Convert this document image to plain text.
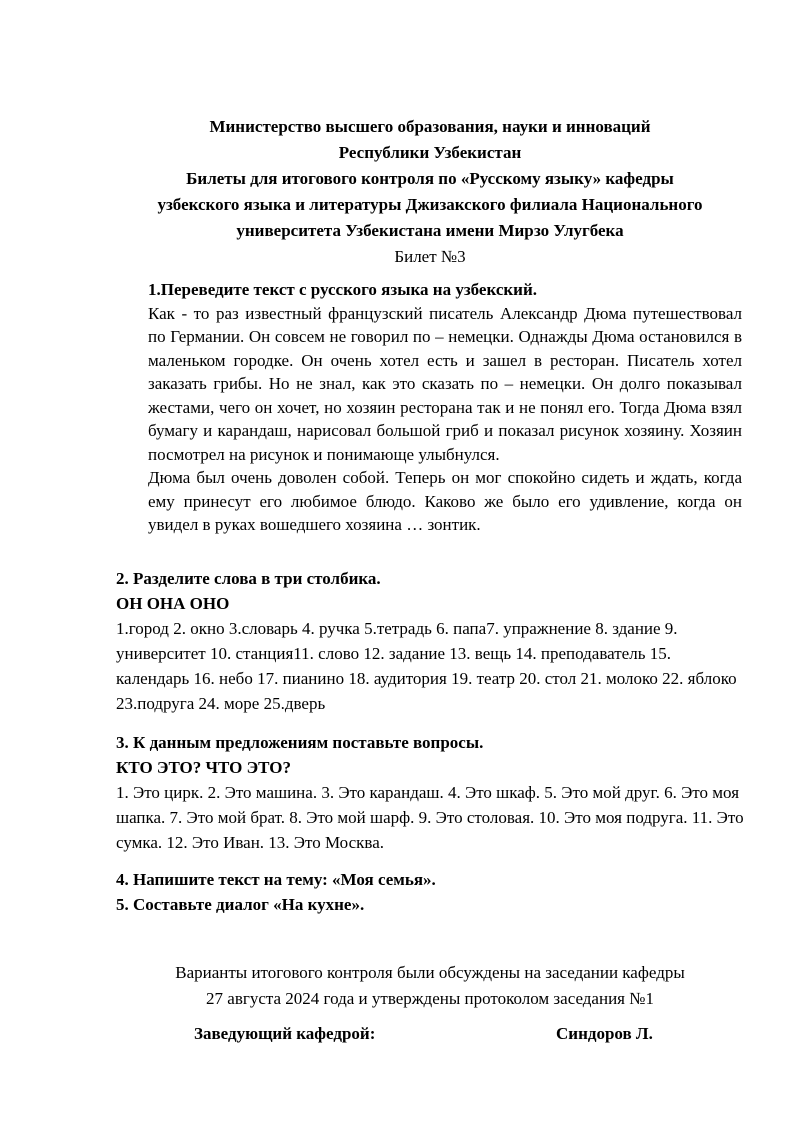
Министерство высшего образования, науки и инноваций
Республики Узбекистан
Билеты для итогового контроля по «Русскому языку» кафедры
узбекского языка и литературы Джизакского филиала Национального
университета Узбекистана имени Мирзо Улугбека
Билет №3
1.Переведите текст с русского языка на узбекский.
Как - то раз известный французский писатель Александр Дюма путешествовал по Германии. Он совсем не говорил по – немецки. Однажды Дюма остановился в маленьком городке. Он очень хотел есть и зашел в ресторан. Писатель хотел заказать грибы. Но не знал, как это сказать по – немецки. Он долго показывал жестами, чего он хочет, но хозяин ресторана так и не понял его. Тогда Дюма взял бумагу и карандаш, нарисовал большой гриб и показал рисунок хозяину. Хозяин посмотрел на рисунок и понимающе улыбнулся.
Дюма был очень доволен собой. Теперь он мог спокойно сидеть и ждать, когда ему принесут его любимое блюдо. Каково же было его удивление, когда он увидел в руках вошедшего хозяина … зонтик.
2. Разделите слова в три столбика.
ОН ОНА ОНО
1.город 2. окно 3.словарь 4. ручка 5.тетрадь 6. папа7. упражнение 8. здание 9. университет 10. станция11. слово 12. задание 13. вещь 14. преподаватель 15. календарь 16. небо 17. пианино 18. аудитория 19. театр 20. стол 21. молоко 22. яблоко 23.подруга 24. море 25.дверь
3. К данным предложениям поставьте вопросы.
КТО ЭТО? ЧТО ЭТО?
1. Это цирк. 2. Это машина. 3. Это карандаш. 4. Это шкаф. 5. Это мой друг. 6. Это моя шапка. 7. Это мой брат. 8. Это мой шарф. 9. Это столовая. 10. Это моя подруга. 11. Это сумка. 12. Это Иван. 13. Это Москва.
4. Напишите текст на тему: «Моя семья».
5. Составьте диалог «На кухне».
Варианты итогового контроля были обсуждены на заседании кафедры
27 августа 2024 года и утверждены протоколом заседания №1
Заведующий кафедрой:	Синдоров Л.
